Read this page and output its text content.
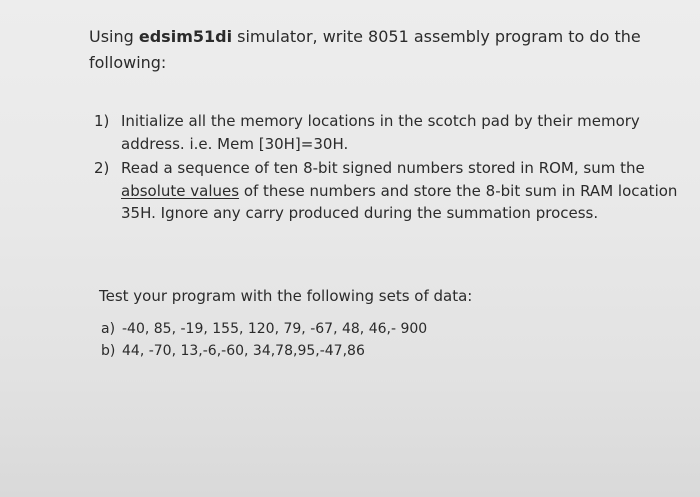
Using edsim51di simulator, write 8051 assembly program to do the following:
1) Initialize all the memory locations in the scotch pad by their memory address. i.e. Mem [30H]=30H.
2) Read a sequence of ten 8-bit signed numbers stored in ROM, sum the absolute values of these numbers and store the 8-bit sum in RAM location 35H. Ignore any carry produced during the summation process.
Test your program with the following sets of data:
a) -40, 85, -19, 155, 120, 79, -67, 48, 46,- 900
b) 44, -70, 13,-6,-60, 34,78,95,-47,86
